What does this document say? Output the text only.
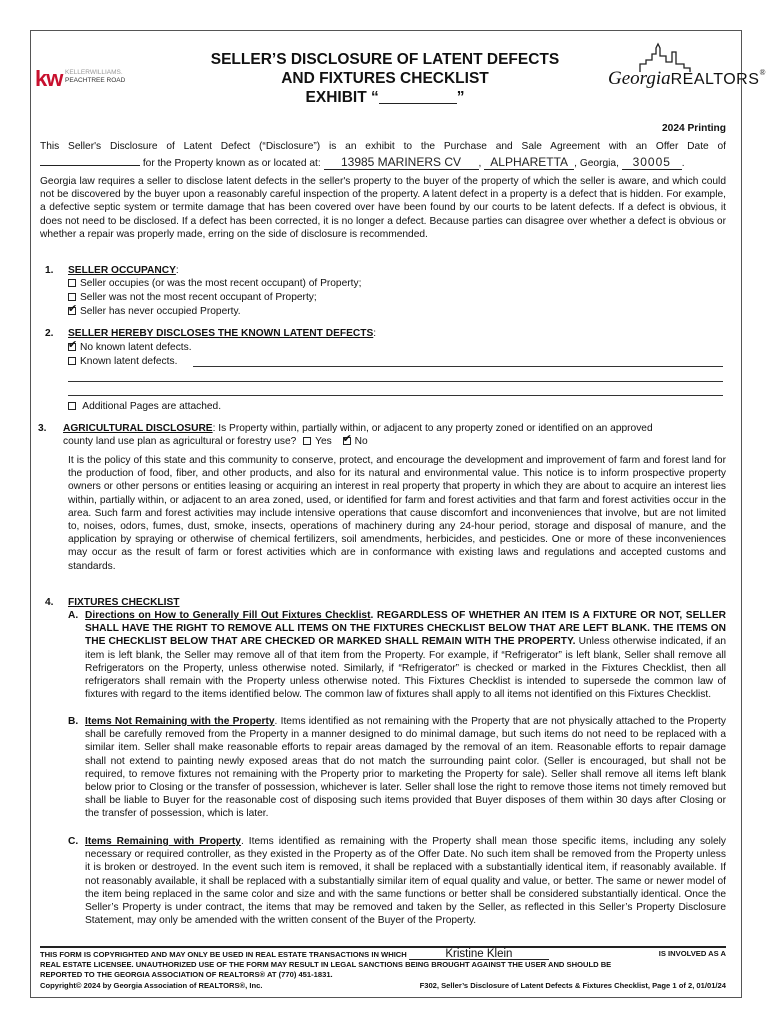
kw KELLERWILLIAMS.
PEACHTREE ROAD	GeorgiaREALTORS®
SELLER’S DISCLOSURE OF LATENT DEFECTS
AND FIXTURES CHECKLIST
EXHIBIT “	”
2024 Printing
This Seller's Disclosure of Latent Defect (“Disclosure”) is an exhibit to the Purchase and Sale Agreement with an Offer Date of
for the Property known as or located at: 13985 MARINERS CV , ALPHARETTA , Georgia, 30005 .
Georgia law requires a seller to disclose latent defects in the seller's property to the buyer of the property of which the seller is aware, and which could not be discovered by the buyer upon a reasonably careful inspection of the property. A latent defect in a property is a defect that is hidden. For example, a defective septic system or termite damage that has been covered over have been found by our courts to be latent defects. If a defect is obvious, it does not need to be disclosed. If a defect has been corrected, it is no longer a defect. Because parties can disagree over whether a defect is obvious or whether a repair was properly made, erring on the side of disclosure is recommended.
1. SELLER OCCUPANCY:
Seller occupies (or was the most recent occupant) of Property;
Seller was not the most recent occupant of Property;
✔Seller has never occupied Property.
2. SELLER HEREBY DISCLOSES THE KNOWN LATENT DEFECTS:
✔No known latent defects.
Known latent defects.
Additional Pages are attached.
3. AGRICULTURAL DISCLOSURE: Is Property within, partially within, or adjacent to any property zoned or identified on an approved
county land use plan as agricultural or forestry use? Yes ✔ No
It is the policy of this state and this community to conserve, protect, and encourage the development and improvement of farm and forest land for the production of food, fiber, and other products, and also for its natural and environmental value. This notice is to inform prospective property owners or other persons or entities leasing or acquiring an interest in real property that property in which they are about to acquire an interest lies within, partially within, or adjacent to an area zoned, used, or identified for farm and forest activities and that farm and forest activities occur in the area. Such farm and forest activities may include intensive operations that cause discomfort and inconveniences that involve, but are not limited to, noises, odors, fumes, dust, smoke, insects, operations of machinery during any 24-hour period, storage and disposal of manure, and the application by spraying or otherwise of chemical fertilizers, soil amendments, herbicides, and pesticides. One or more of these inconveniences may occur as the result of farm or forest activities which are in conformance with existing laws and regulations and accepted customs and standards.
4. FIXTURES CHECKLIST
A. Directions on How to Generally Fill Out Fixtures Checklist. REGARDLESS OF WHETHER AN ITEM IS A FIXTURE OR NOT, SELLER SHALL HAVE THE RIGHT TO REMOVE ALL ITEMS ON THE FIXTURES CHECKLIST BELOW THAT ARE LEFT BLANK. THE ITEMS ON THE CHECKLIST BELOW THAT ARE CHECKED OR MARKED SHALL REMAIN WITH THE PROPERTY. Unless otherwise indicated, if an item is left blank, the Seller may remove all of that item from the Property. For example, if “Refrigerator” is left blank, Seller shall remove all Refrigerators on the Property, unless otherwise noted. Similarly, if “Refrigerator” is checked or marked in the Fixtures Checklist, then all refrigerators shall remain with the Property unless otherwise noted. This Fixtures Checklist is intended to supersede the common law of fixtures with regard to the items identified below. The common law of fixtures shall apply to all items not identified on this Fixtures Checklist.
B. Items Not Remaining with the Property. Items identified as not remaining with the Property that are not physically attached to the Property shall be carefully removed from the Property in a manner designed to do minimal damage, but such items do not need to be replaced with a similar item. Seller shall make reasonable efforts to repair areas damaged by the removal of an item. Reasonable efforts to repair damage shall not extend to painting newly exposed areas that do not match the surrounding paint color. (Seller is encouraged, but shall not be required, to remove fixtures not remaining with the Property prior to marketing the Property for sale). Seller shall remove all items left blank below prior to Closing or the transfer of possession, whichever is later. Seller shall lose the right to remove those items not timely removed but shall be liable to Buyer for the reasonable cost of disposing such items provided that Buyer disposes of them within 30 days after Closing or the transfer of possession, which is later.
C. Items Remaining with Property. Items identified as remaining with the Property shall mean those specific items, including any solely necessary or required controller, as they existed in the Property as of the Offer Date. No such item shall be removed from the Property unless it is broken or destroyed. In the event such item is removed, it shall be replaced with a substantially identical item, if reasonably available. If not reasonably available, it shall be replaced with a substantially similar item of equal quality and value, or better. The same or newer model of the item being replaced in the same color and size and with the same functions or better shall be considered substantially identical. Once the Seller’s Property is under contract, the items that may be removed and taken by the Seller, as reflected in this Seller’s Property Disclosure Statement, may only be amended with the written consent of the Buyer of the Property.
THIS FORM IS COPYRIGHTED AND MAY ONLY BE USED IN REAL ESTATE TRANSACTIONS IN WHICH	Kristine Klein	IS INVOLVED AS A
REAL ESTATE LICENSEE. UNAUTHORIZED USE OF THE FORM MAY RESULT IN LEGAL SANCTIONS BEING BROUGHT AGAINST THE USER AND SHOULD BE
REPORTED TO THE GEORGIA ASSOCIATION OF REALTORS® AT (770) 451-1831.
Copyright© 2024 by Georgia Association of REALTORS®, Inc.	F302, Seller’s Disclosure of Latent Defects & Fixtures Checklist, Page 1 of 2, 01/01/24
